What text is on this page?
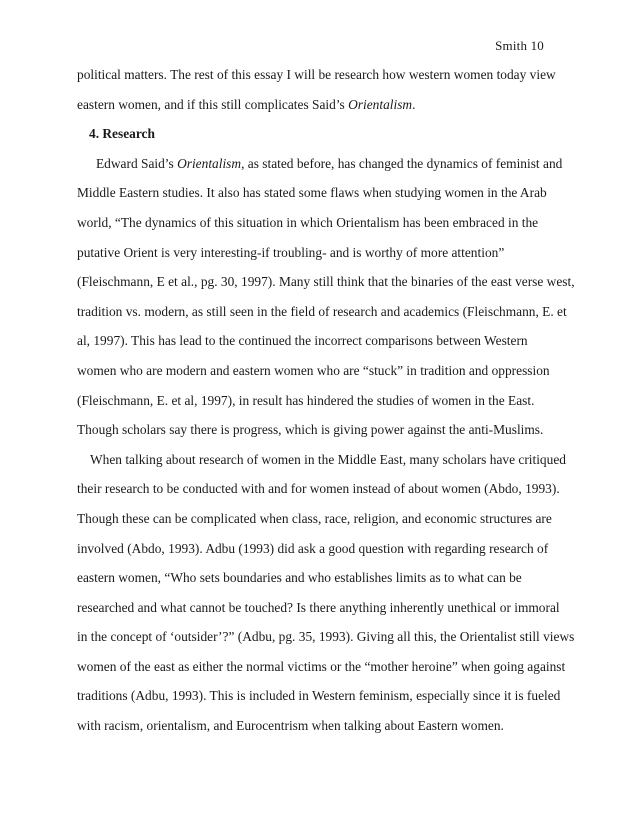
Smith 10
political matters. The rest of this essay I will be research how western women today view
eastern women, and if this still complicates Said’s Orientalism.
4. Research
Edward Said’s Orientalism, as stated before, has changed the dynamics of feminist and
Middle Eastern studies. It also has stated some flaws when studying women in the Arab
world, “The dynamics of this situation in which Orientalism has been embraced in the
putative Orient is very interesting-if troubling- and is worthy of more attention”
(Fleischmann, E et al., pg. 30, 1997). Many still think that the binaries of the east verse west,
tradition vs. modern, as still seen in the field of research and academics (Fleischmann, E. et
al, 1997). This has lead to the continued the incorrect comparisons between Western
women who are modern and eastern women who are “stuck” in tradition and oppression
(Fleischmann, E. et al, 1997), in result has hindered the studies of women in the East.
Though scholars say there is progress, which is giving power against the anti-Muslims.
When talking about research of women in the Middle East, many scholars have critiqued
their research to be conducted with and for women instead of about women (Abdo, 1993).
Though these can be complicated when class, race, religion, and economic structures are
involved (Abdo, 1993). Adbu (1993) did ask a good question with regarding research of
eastern women, “Who sets boundaries and who establishes limits as to what can be
researched and what cannot be touched? Is there anything inherently unethical or immoral
in the concept of ‘outsider’?” (Adbu, pg. 35, 1993). Giving all this, the Orientalist still views
women of the east as either the normal victims or the “mother heroine” when going against
traditions (Adbu, 1993). This is included in Western feminism, especially since it is fueled
with racism, orientalism, and Eurocentrism when talking about Eastern women.
